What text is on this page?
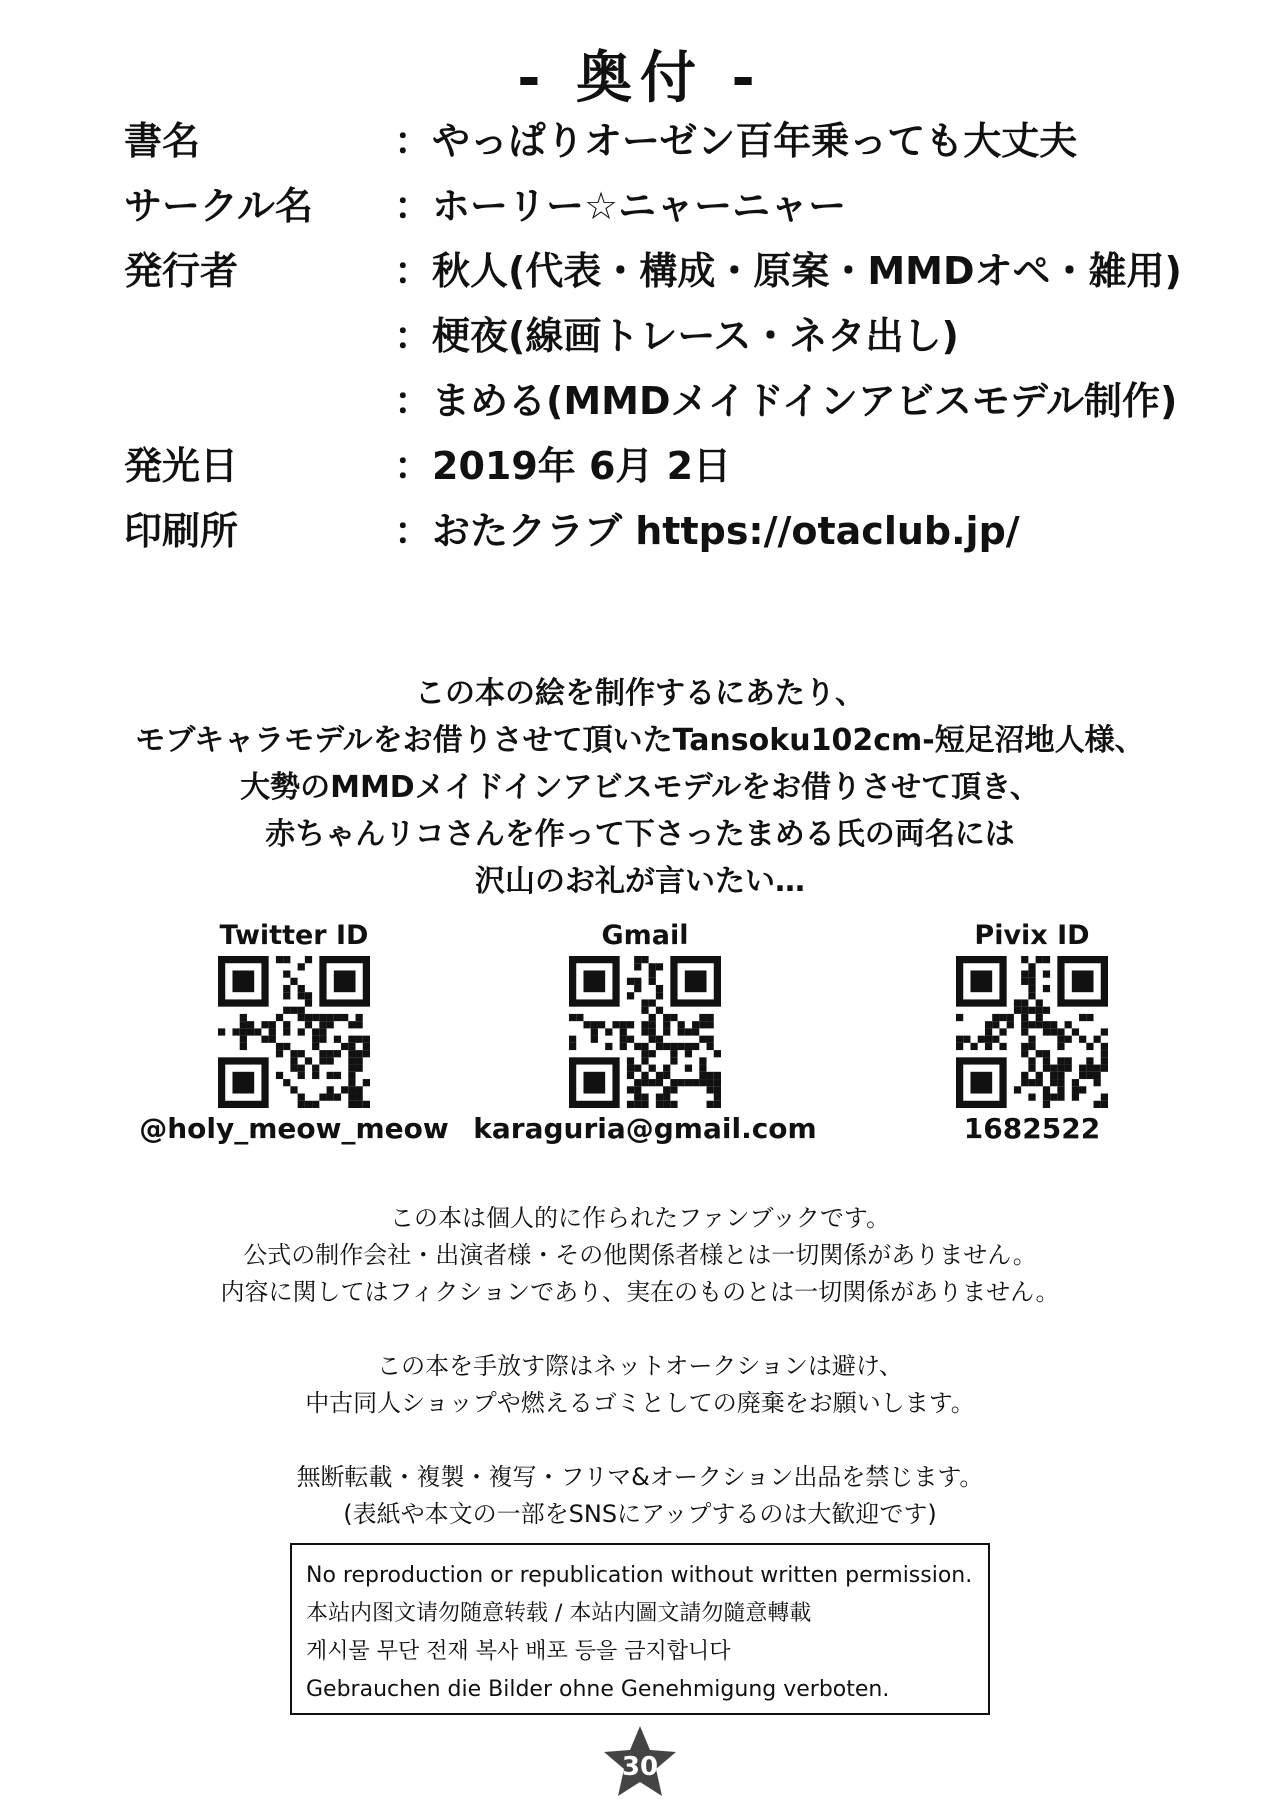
- 奥付 -
書名	：やっぱりオーゼン百年乗っても大丈夫
サークル名	：ホーリー☆ニャーニャー
発行者	：秋人(代表・構成・原案・MMDオペ・雑用)
：梗夜(線画トレース・ネタ出し)
：まめる(MMDメイドインアビスモデル制作)
発光日	：2019年 6月 2日
印刷所	：おたクラブ https://otaclub.jp/
この本の絵を制作するにあたり、
モブキャラモデルをお借りさせて頂いたTansoku102cm-短足沼地人様、
大勢のMMDメイドインアビスモデルをお借りさせて頂き、
赤ちゃんリコさんを作って下さったまめる氏の両名には
沢山のお礼が言いたい…
Twitter ID
@holy_meow_meow
Gmail
karaguria@gmail.com
Pivix ID
1682522
この本は個人的に作られたファンブックです。
公式の制作会社・出演者様・その他関係者様とは一切関係がありません。
内容に関してはフィクションであり、実在のものとは一切関係がありません。
この本を手放す際はネットオークションは避け、
中古同人ショップや燃えるゴミとしての廃棄をお願いします。
無断転載・複製・複写・フリマ&オークション出品を禁じます。
(表紙や本文の一部をSNSにアップするのは大歓迎です)
No reproduction or republication without written permission.
本站内图文请勿随意转载 / 本站内圖文請勿隨意轉載
게시물 무단 전재 복사 배포 등을 금지합니다
Gebrauchen die Bilder ohne Genehmigung verboten.
30
